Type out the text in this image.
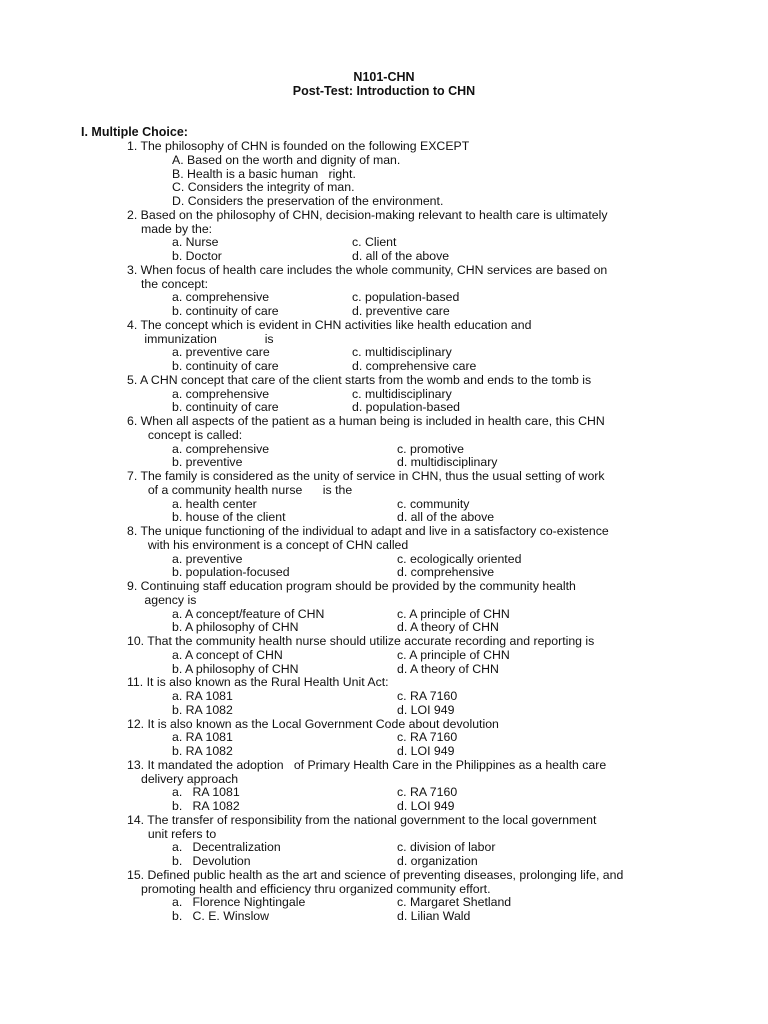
N101-CHN
Post-Test: Introduction to CHN
I. Multiple Choice:
1. The philosophy of CHN is founded on the following EXCEPT
A. Based on the worth and dignity of man.
B. Health is a basic human   right.
C. Considers the integrity of man.
D. Considers the preservation of the environment.
2. Based on the philosophy of CHN, decision-making relevant to health care is ultimately
made by the:
a. Nurse	c. Client
b. Doctor	d. all of the above
3. When focus of health care includes the whole community, CHN services are based on
the concept:
a. comprehensive	c. population-based
b. continuity of care	d. preventive care
4. The concept which is evident in CHN activities like health education and
immunization              is
a. preventive care	c. multidisciplinary
b. continuity of care	d. comprehensive care
5. A CHN concept that care of the client starts from the womb and ends to the tomb is
a. comprehensive	c. multidisciplinary
b. continuity of care	d. population-based
6. When all aspects of the patient as a human being is included in health care, this CHN
concept is called:
a. comprehensive	c. promotive
b. preventive	d. multidisciplinary
7. The family is considered as the unity of service in CHN, thus the usual setting of work
of a community health nurse      is the
a. health center	c. community
b. house of the client	d. all of the above
8. The unique functioning of the individual to adapt and live in a satisfactory co-existence
with his environment is a concept of CHN called
a. preventive	c. ecologically oriented
b. population-focused	d. comprehensive
9. Continuing staff education program should be provided by the community health
agency is
a. A concept/feature of CHN	c. A principle of CHN
b. A philosophy of CHN	d. A theory of CHN
10. That the community health nurse should utilize accurate recording and reporting is
a. A concept of CHN	c. A principle of CHN
b. A philosophy of CHN	d. A theory of CHN
11. It is also known as the Rural Health Unit Act:
a. RA 1081	c. RA 7160
b. RA 1082	d. LOI 949
12. It is also known as the Local Government Code about devolution
a. RA 1081	c. RA 7160
b. RA 1082	d. LOI 949
13. It mandated the adoption   of Primary Health Care in the Philippines as a health care
delivery approach
a.   RA 1081	c. RA 7160
b.   RA 1082	d. LOI 949
14. The transfer of responsibility from the national government to the local government
unit refers to
a.   Decentralization	c. division of labor
b.   Devolution	d. organization
15. Defined public health as the art and science of preventing diseases, prolonging life, and
promoting health and efficiency thru organized community effort.
a.   Florence Nightingale	c. Margaret Shetland
b.   C. E. Winslow	d. Lilian Wald
